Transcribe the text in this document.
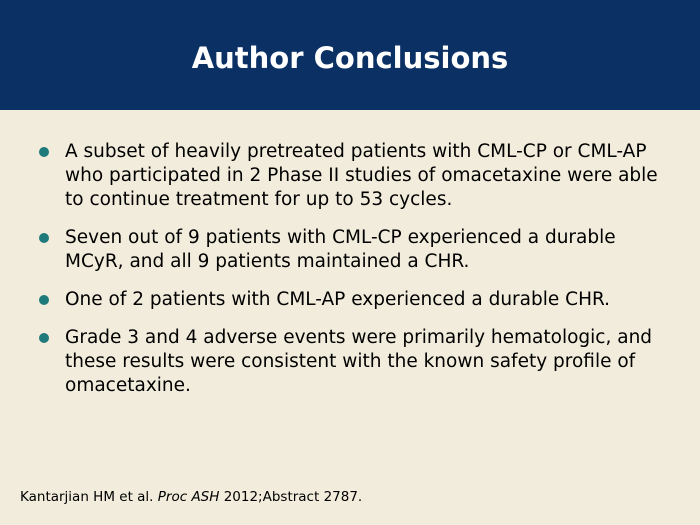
Author Conclusions
A subset of heavily pretreated patients with CML-CP or CML-AP who participated in 2 Phase II studies of omacetaxine were able to continue treatment for up to 53 cycles.
Seven out of 9 patients with CML-CP experienced a durable MCyR, and all 9 patients maintained a CHR.
One of 2 patients with CML-AP experienced a durable CHR.
Grade 3 and 4 adverse events were primarily hematologic, and these results were consistent with the known safety profile of omacetaxine.

Kantarjian HM et al. Proc ASH 2012;Abstract 2787.
